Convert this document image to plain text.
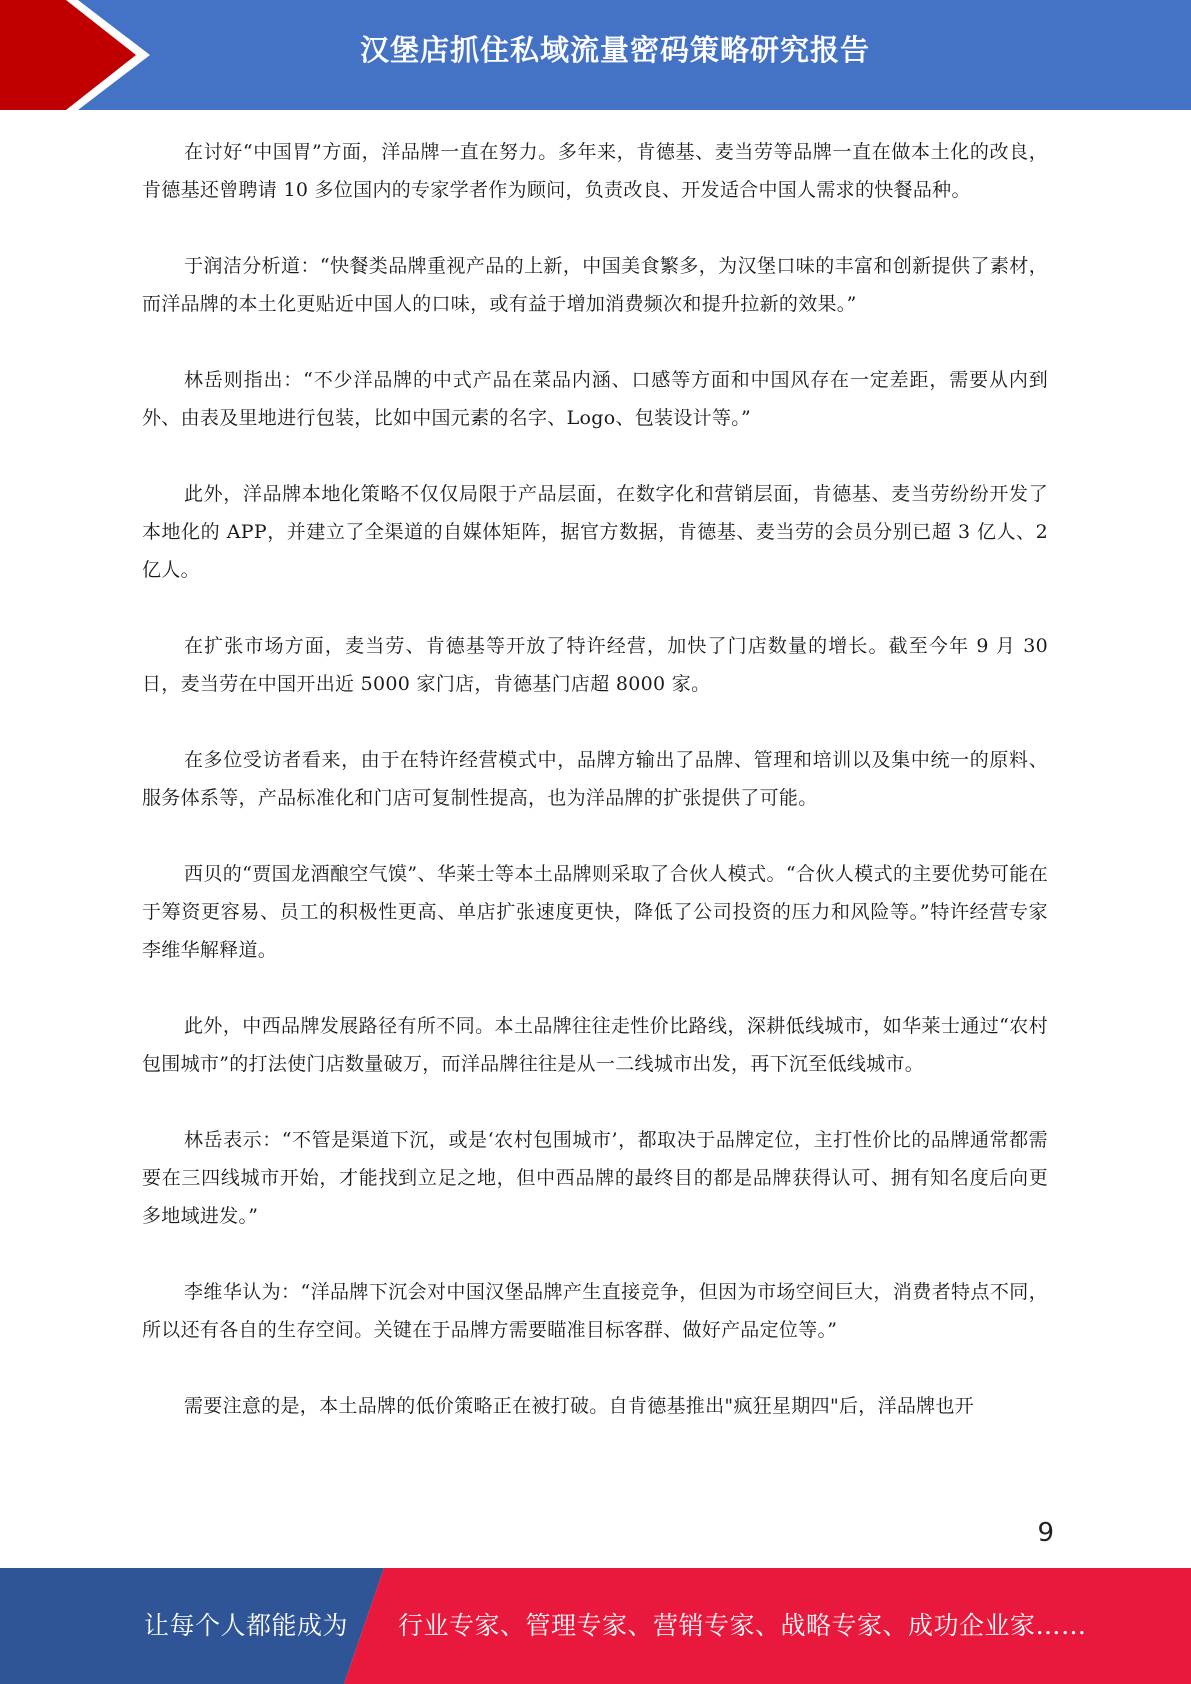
汉堡店抓住私域流量密码策略研究报告

在讨好“中国胃”方面，洋品牌一直在努力。多年来，肯德基、麦当劳等品牌一直在做本土化的改良，肯德基还曾聘请 10 多位国内的专家学者作为顾问，负责改良、开发适合中国人需求的快餐品种。

于润洁分析道：“快餐类品牌重视产品的上新，中国美食繁多，为汉堡口味的丰富和创新提供了素材，而洋品牌的本土化更贴近中国人的口味，或有益于增加消费频次和提升拉新的效果。”

林岳则指出：“不少洋品牌的中式产品在菜品内涵、口感等方面和中国风存在一定差距，需要从内到外、由表及里地进行包装，比如中国元素的名字、Logo、包装设计等。”

此外，洋品牌本地化策略不仅仅局限于产品层面，在数字化和营销层面，肯德基、麦当劳纷纷开发了本地化的 APP，并建立了全渠道的自媒体矩阵，据官方数据，肯德基、麦当劳的会员分别已超 3 亿人、2 亿人。

在扩张市场方面，麦当劳、肯德基等开放了特许经营，加快了门店数量的增长。截至今年 9 月 30 日，麦当劳在中国开出近 5000 家门店，肯德基门店超 8000 家。

在多位受访者看来，由于在特许经营模式中，品牌方输出了品牌、管理和培训以及集中统一的原料、服务体系等，产品标准化和门店可复制性提高，也为洋品牌的扩张提供了可能。

西贝的“贾国龙酒酿空气馍”、华莱士等本土品牌则采取了合伙人模式。“合伙人模式的主要优势可能在于筹资更容易、员工的积极性更高、单店扩张速度更快，降低了公司投资的压力和风险等。”特许经营专家李维华解释道。

此外，中西品牌发展路径有所不同。本土品牌往往走性价比路线，深耕低线城市，如华莱士通过“农村包围城市”的打法使门店数量破万，而洋品牌往往是从一二线城市出发，再下沉至低线城市。

林岳表示：“不管是渠道下沉，或是‘农村包围城市’，都取决于品牌定位，主打性价比的品牌通常都需要在三四线城市开始，才能找到立足之地，但中西品牌的最终目的都是品牌获得认可、拥有知名度后向更多地域进发。”

李维华认为：“洋品牌下沉会对中国汉堡品牌产生直接竞争，但因为市场空间巨大，消费者特点不同，所以还有各自的生存空间。关键在于品牌方需要瞄准目标客群、做好产品定位等。”

需要注意的是，本土品牌的低价策略正在被打破。自肯德基推出"疯狂星期四"后，洋品牌也开

9
让每个人都能成为 行业专家、管理专家、营销专家、战略专家、成功企业家……
